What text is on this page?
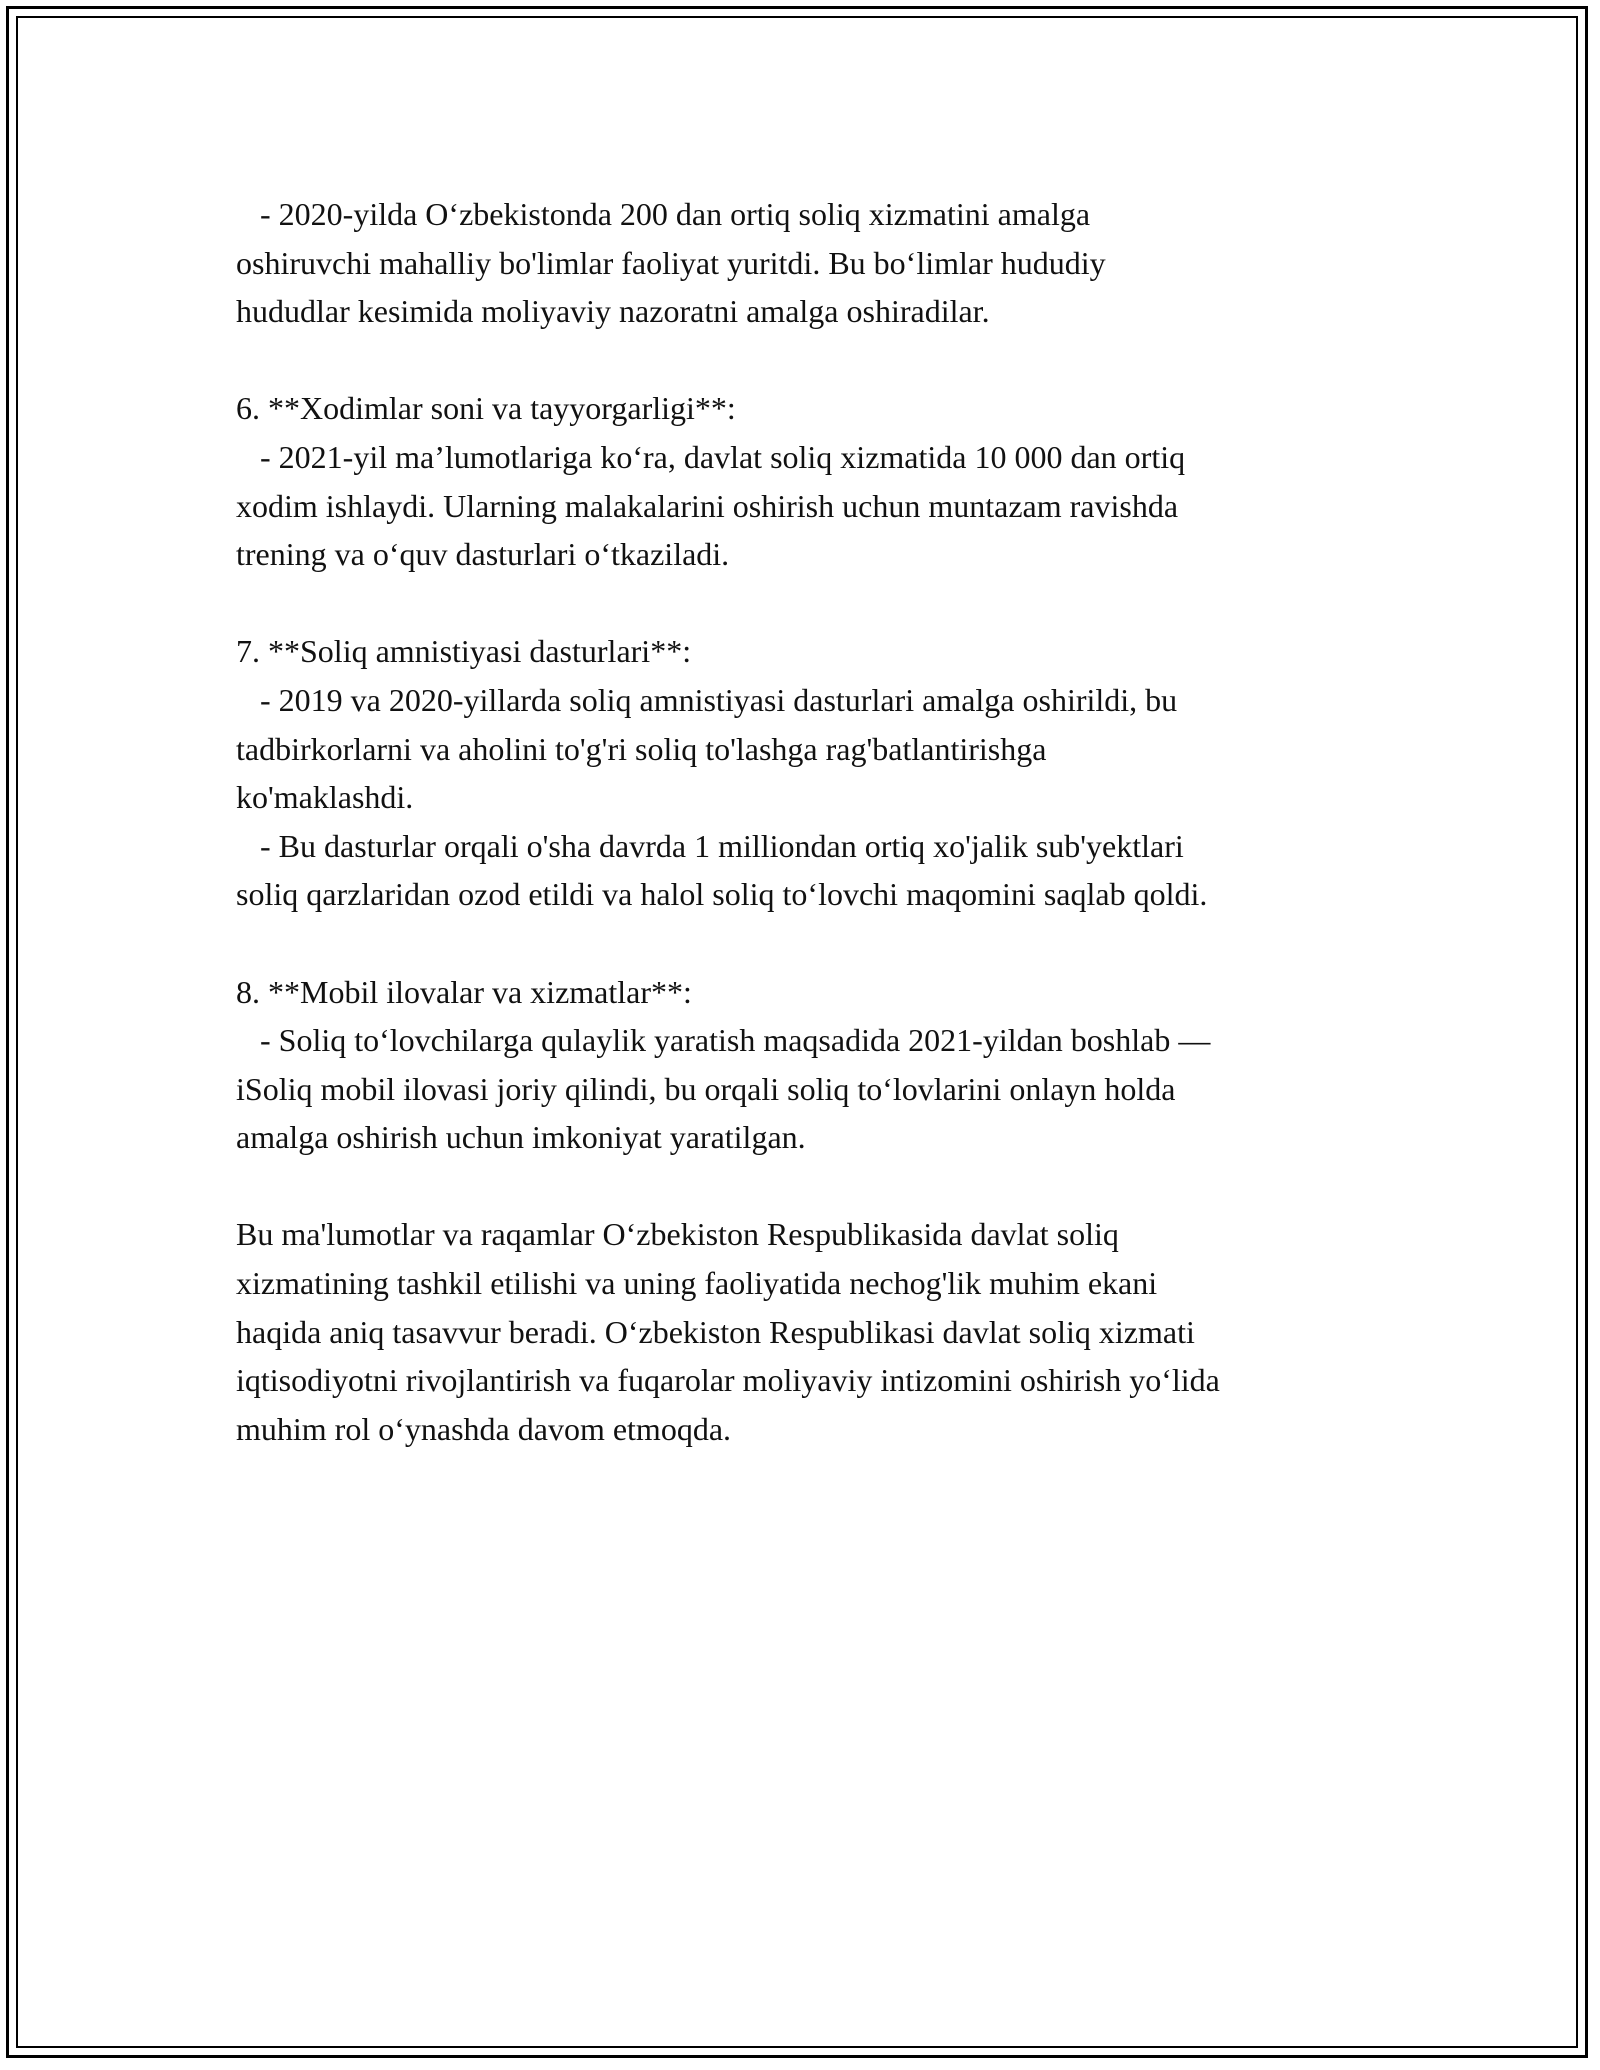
- 2020-yilda O‘zbekistonda 200 dan ortiq soliq xizmatini amalga
oshiruvchi mahalliy bo'limlar faoliyat yuritdi. Bu bo‘limlar hududiy
hududlar kesimida moliyaviy nazoratni amalga oshiradilar.
6. **Xodimlar soni va tayyorgarligi**:
- 2021-yil ma’lumotlariga ko‘ra, davlat soliq xizmatida 10 000 dan ortiq
xodim ishlaydi. Ularning malakalarini oshirish uchun muntazam ravishda
trening va o‘quv dasturlari o‘tkaziladi.
7. **Soliq amnistiyasi dasturlari**:
- 2019 va 2020-yillarda soliq amnistiyasi dasturlari amalga oshirildi, bu
tadbirkorlarni va aholini to'g'ri soliq to'lashga rag'batlantirishga
ko'maklashdi.
- Bu dasturlar orqali o'sha davrda 1 milliondan ortiq xo'jalik sub'yektlari
soliq qarzlaridan ozod etildi va halol soliq to‘lovchi maqomini saqlab qoldi.
8. **Mobil ilovalar va xizmatlar**:
- Soliq to‘lovchilarga qulaylik yaratish maqsadida 2021-yildan boshlab —
iSoliq mobil ilovasi joriy qilindi, bu orqali soliq to‘lovlarini onlayn holda
amalga oshirish uchun imkoniyat yaratilgan.
Bu ma'lumotlar va raqamlar O‘zbekiston Respublikasida davlat soliq
xizmatining tashkil etilishi va uning faoliyatida nechog'lik muhim ekani
haqida aniq tasavvur beradi. O‘zbekiston Respublikasi davlat soliq xizmati
iqtisodiyotni rivojlantirish va fuqarolar moliyaviy intizomini oshirish yo‘lida
muhim rol o‘ynashda davom etmoqda.
